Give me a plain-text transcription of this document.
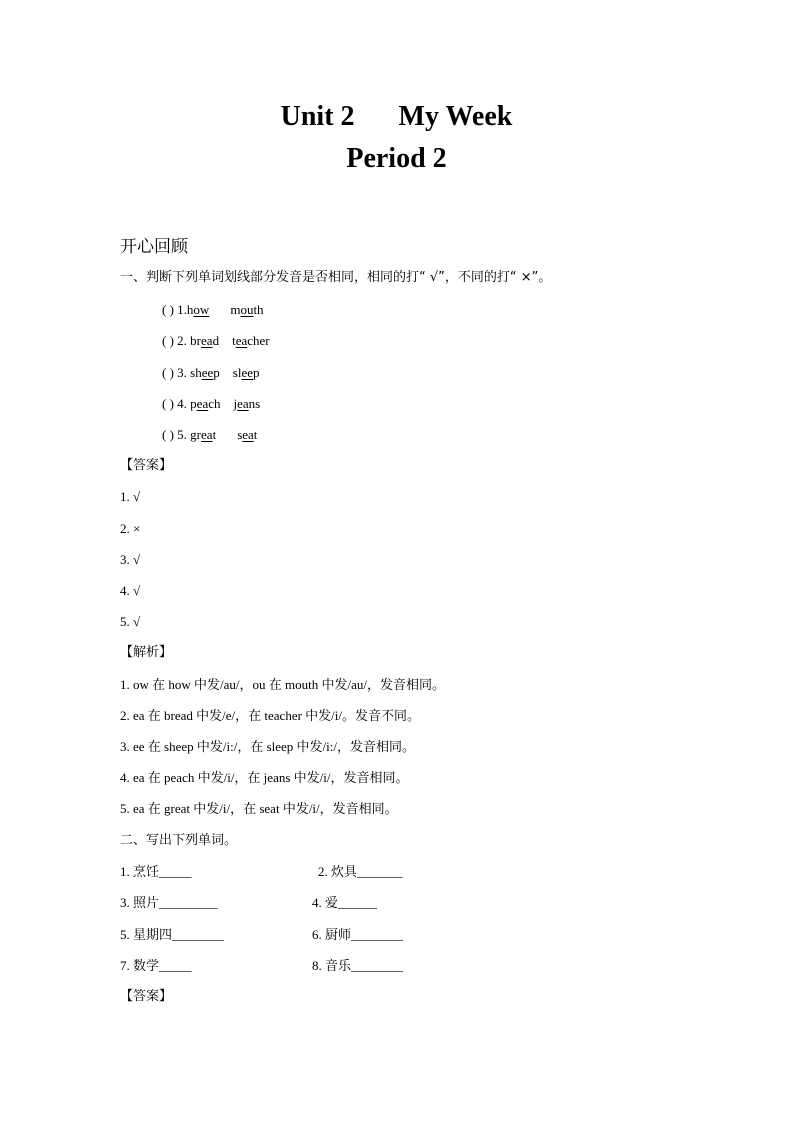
Unit 2 My Week
Period 2
开心回顾
一、判断下列单词划线部分发音是否相同，相同的打“ √”，不同的打“ ×”。
( ) 1.how mouth
( ) 2. bread teacher
( ) 3. sheep sleep
( ) 4. peach jeans
( ) 5. great seat
【答案】
1. √
2. ×
3. √
4. √
5. √
【解析】
1. ow 在 how 中发/au/，ou 在 mouth 中发/au/，发音相同。
2. ea 在 bread 中发/e/，在 teacher 中发/i/。发音不同。
3. ee 在 sheep 中发/i:/，在 sleep 中发/i:/，发音相同。
4. ea 在 peach 中发/i/，在 jeans 中发/i/，发音相同。
5. ea 在 great 中发/i/，在 seat 中发/i/，发音相同。
二、写出下列单词。
1. 烹饪_____	2. 炊具_______
3. 照片_________	4. 爱______
5. 星期四________	6. 厨师________
7. 数学_____	8. 音乐________
【答案】
